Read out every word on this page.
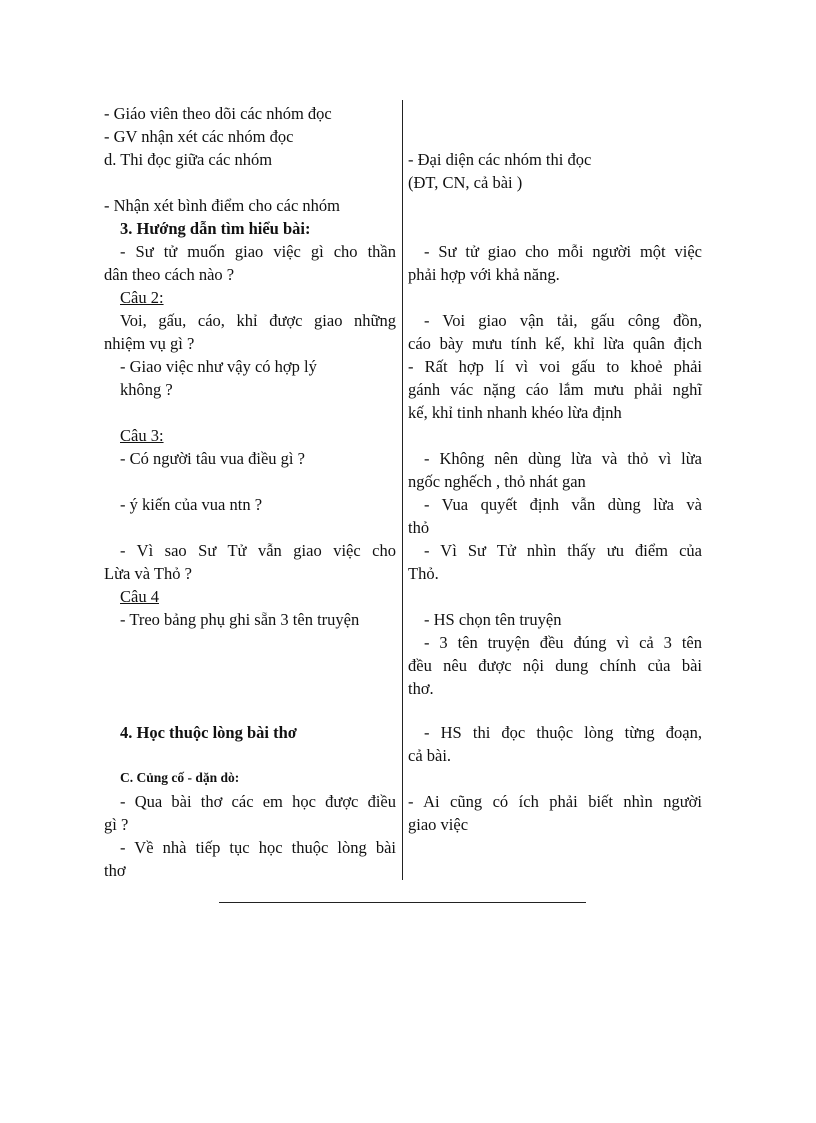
- Giáo viên theo dõi các nhóm đọc
- GV nhận xét các nhóm đọc
d. Thi đọc giữa các nhóm
- Nhận xét bình điểm cho các nhóm
3. Hướng dẫn tìm hiểu bài:
- Sư tử muốn giao việc gì cho thần
dân theo cách nào ?
Câu 2:
Voi, gấu, cáo, khỉ được giao những
nhiệm vụ gì ?
- Giao việc như vậy có hợp lý
không ?
Câu 3:
- Có người tâu vua điều gì ?
- ý kiến của vua ntn ?
- Vì sao Sư Tử vẫn giao việc cho
Lừa và Thỏ ?
Câu 4
- Treo bảng phụ ghi sẵn 3 tên truyện
4. Học thuộc lòng bài thơ
C. Củng cố - dặn dò:
- Qua bài thơ các em học được điều
gì ?
- Về nhà tiếp tục học thuộc lòng bài
thơ
- Đại diện các nhóm thi đọc
(ĐT, CN, cả bài )
- Sư tử giao cho mỗi người một việc
phải hợp với khả năng.
- Voi giao vận tải, gấu công đồn,
cáo bày mưu tính kế, khỉ lừa quân địch
- Rất hợp lí vì voi gấu to khoẻ phải
gánh vác nặng cáo lắm mưu phải nghĩ
kế, khỉ tinh nhanh khéo lừa định
- Không nên dùng lừa và thỏ vì lừa
ngốc nghếch , thỏ nhát gan
- Vua quyết định vẫn dùng lừa và
thỏ
- Vì Sư Tử nhìn thấy ưu điểm của
Thỏ.
- HS chọn tên truyện
- 3 tên truyện đều đúng vì cả 3 tên
đều nêu được nội dung chính của bài
thơ.
- HS thi đọc thuộc lòng từng đoạn,
cả bài.
- Ai cũng có ích phải biết nhìn người
giao việc
